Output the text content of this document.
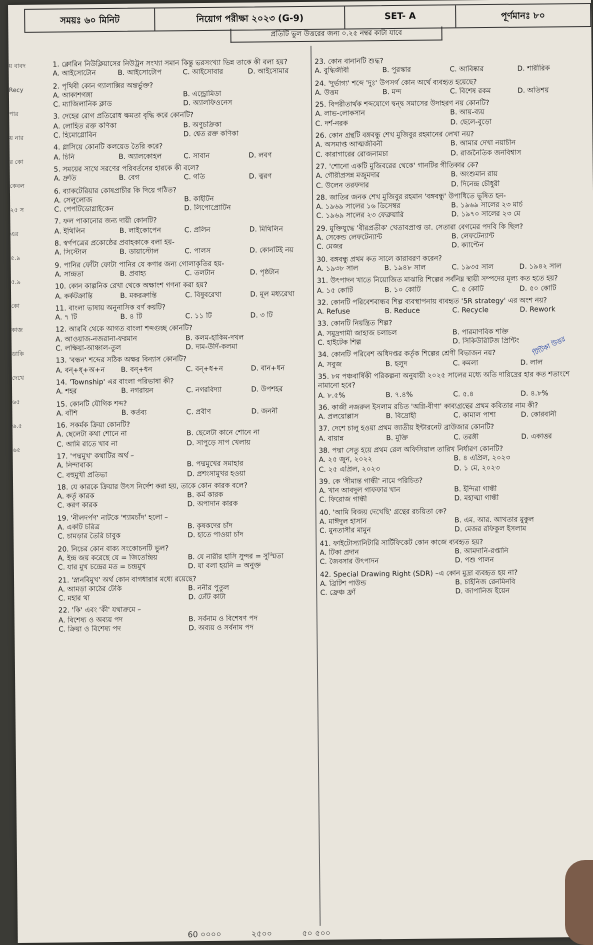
সময়ঃ ৬০ মিনিট	নিয়োগ পরীক্ষা ২০২৩ (G-9)	SET- A	পূর্ণমানঃ ৮০
প্রতিটি ভুল উত্তরের জন্য ০.২৫ নম্বর কাটা যাবে
য় বাবদ
Recy
পার
য় নার
র কো
কেবল
২৫ স
এর
৫.৯
৫.৯
কো
কাজ
ডাকি
দেখে
৬৫
৬.৫
৬৫
1. ক্লোরিন নিউক্লিয়াসের নিউট্রন সংখ্যা সমান কিন্তু ভরসংখ্যা ভিন্ন তাকে কী বলা হয়?
A. আইসোটোন	B. আইসোটোপ	C. আইসোবার	D. আইসোমার
2. পৃথিবী কোন গ্যালাক্সির অন্তর্ভুক্ত?
A. আকাশগঙ্গা	B. এন্ড্রোমিডা
C. ম্যাজিলানিক ক্লাড	D. অ্যালফিওনেস
3. দেহের রোগ প্রতিরোধ ক্ষমতা বৃদ্ধি করে কোনটি?
A. লোহিত রক্ত কণিকা	B. অণুচক্রিকা
C. হিমোগ্লোবিন	D. শ্বেত রক্ত কণিকা
4. গ্লাসিয়ে কোনটি কলয়েড তৈরি করে?
A. চিনি	B. অ্যালকোহল	C. সাবান	D. লবণ
5. সময়ের সাথে সরণের পরিবর্তনের হারকে কী বলে?
A. দ্রুতি	B. বেগ	C. গতি	D. ত্বরণ
6. ব্যাকটেরিয়ার কোষপ্রাচীর কি দিয়ে গঠিত?
A. সেলুলোজ	B. কাইটিন
C. পেপটিডোগ্লাইকেন	D. লিপোপ্রোটিন
7. ফল পাকানোর জন্য দায়ী কোনটি?
A. ইথিলিন	B. লাইকোপেন	C. প্রলিন	D. মিথিলিন
8. স্বর্ণপত্রের প্রকোষ্ঠের প্রবাহকাকে বলা হয়-
A. সিস্টোল	B. ডায়াস্টোল	C. পালস	D. কোনটিই নয়
9. পানির ফোঁটা ফোটা পানির যে কণার জন্য গোলাকৃতির হয়-
A. সান্দ্রতা	B. প্রবাহ্য	C. তলটান	D. পৃষ্ঠটান
10. কোন কাল্পনিক রেখা থেকে অক্ষাংশ গণনা করা হয়?
A. কর্কটক্রান্তি	B. মকরক্রান্তি	C. বিষুবরেখা	D. মূল মধ্যরেখা
11. বাংলা ভাষায় অনুনাসিক বর্ণ কয়টি?
A. ৭ টি	B. ৪ টি	C. ১১ টি	D. ৩ টি
12. আরবি থেকে আগত বাংলা শব্দগুচ্ছ কোনটি?
A. আওয়াজ-নজরানা-ফরমান	B. কলম-হাকিম-দখল
C. লক্ষিয়া-আঞ্চাল-তুল	D. দাম-উর্দি-কলমা
13. 'বন্ধন' শব্দের সঠিক অক্ষর বিন্যাস কোনটি?
A. বন্+ধ্+অ+ন	B. বন্+ধন	C. বন্+ধ+ন	D. বান+ধন
14. 'Township' এর বাংলা পরিভাষা কী?
A. শহর	B. নগরায়ন	C. নগরবিদ্যা	D. উপশহর
15. কোনটি যৌগিক শব্দ?
A. বাঁশি	B. কর্তব্য	C. প্রবীণ	D. জননী
16. সকর্মক ক্রিয়া কোনটি?
A. ছেলেটা কথা শোনে না	B. ছেলেটা কানে শোনে না
C. আমি রাতে খাব না	D. সাপুড়ে সাপ খেলায়
17. 'পদ্মমুখ' কথাটির অর্থ –
A. নিন্দাবাক্য	B. পদ্মমুখের সমাহার
C. বহুমুখী প্রতিভা	D. প্রশংসামুখর হওয়া
18. যে কারকে ক্রিয়ার উৎস নির্দেশ করা হয়, তাকে কোন কারক বলে?
A. কর্তৃ কারক	B. কর্ম কারক
C. করণ কারক	D. অপাদান কারক
19. 'নীলদর্পণ' নাটকে 'শ্যামচাঁদ' হলো –
A. একটি চরিত্র	B. কৃষকদের চাঁদ
C. চামড়ার তৈরি চাবুক	D. হাতে পাওয়া চাঁদ
20. নিচের কোন বাক্য সংকোচনটি ভুল?
A. ইন্দ্র জয় করেছে যে = জিতেন্দ্রিয়	B. যে নারীর হাসি সুন্দর = সুস্মিতা
C. যার মুখ চন্দ্রের মত = চন্দ্রমুখ	D. যা বলা হয়নি = অনুক্ত
21. 'স্নানবিমুখ' অর্থ কোন বাগধারার মধ্যে রয়েছে?
A. আমড়া কাঠের ঢেঁকি	B. ননীর পুতুল
C. মহার থা	D. ঢোঁট কাটা
22. 'কি' এবং 'কী' যথাক্রমে –
A. বিশেষ্য ও অব্যয় পদ	B. সর্বনাম ও বিশেষণ পদ
C. ক্রিয়া ও বিশেষ্য পদ	D. অব্যয় ও সর্বনাম পদ
23. কোন বানানটি শুদ্ধ?
A. বুদ্ধিজীবী	B. পুরস্কার	C. আবিষ্কার	D. শারীরিক
24. 'দুর্ভাগ্য' শব্দে 'দুঃ' উপসর্গ কোন অর্থে ব্যবহৃত হয়েছে?
A. উত্তম	B. মন্দ	C. বিশেষ রকম	D. অতিশয়
25. বিপরীতার্থক শব্দযোগে দ্বন্দ্ব সমাসের উদাহরণ নয় কোনটি?
A. লাভ-লোকসান	B. আয়-ব্যয়
C. দর্শ-নরক	D. ছেলে-বুড়ো
26. কোন গ্রন্থটি বঙ্গবন্ধু শেখ মুজিবুর রহমানের লেখা নয়?
A. অসমাপ্ত আত্মজীবনী	B. আমার দেখা নয়াচীন
C. কারাগারের রোজনামচা	D. রাজনৈতিক জনবিশ্বাস
27. 'শোনো একটি মুজিবরের থেকে' গানটির গীতিকার কে?
A. গৌরীপ্রসন্ন মজুমদার	B. অংশুমান রায়
C. উলেন তরফদার	D. দিনেন্দ্র চৌধুরী
28. জাতির জনক শেখ মুজিবুর রহমান 'বঙ্গবন্ধু' উপাধিতে ভূষিত হন-
A. ১৯৬৯ সালের ১৬ ডিসেম্বর	B. ১৯৬৯ সালের ২৩ মার্চ
C. ১৯৬৯ সালের ২৩ ফেব্রুয়ারি	D. ১৯৭০ সালের ২৩ মে
29. মুক্তিযুদ্ধে 'বীরপ্রতীক' খেতাবপ্রাপ্ত ডা. সেতারা বেগমের পদবি কি ছিল?
A. সেকেন্ড লেফটেন্যান্ট	B. লেফটেন্যান্ট
C. মেজর	D. ক্যাপ্টেন
30. বঙ্গবন্ধু প্রথম কত সালে কারাবরণ করেন?
A. ১৯৩৮ সাল	B. ১৯৪৮ সাল	C. ১৯৩৫ সাল	D. ১৯৪২ সাল
31. উৎপাদন খাতে নিয়োজিত মাঝারি শিল্পের সর্বনিম্ন স্থায়ী সম্পদের মূল্য কত হতে হয়?
A. ১৫ কোটি	B. ১০ কোটি	C. ৫ কোটি	D. ৫০ কোটি
32. কোনটি পরিবেশবান্ধব শিল্প ব্যবস্থাপনায় ব্যবহৃত '5R strategy' এর অংশ নয়?
A. Refuse	B. Reduce	C. Recycle	D. Rework
33. কোনটি নিয়ন্ত্রিত শিল্প?
A. সমুদ্রগামী জাহাজ চলাচল	B. পারমাণবিক শক্তি
C. হাইটেক শিল্প	D. সিকিউরিটিজ প্রিন্টিং
34. কোনটি পরিবেশ অধিদপ্তর কর্তৃক শিল্পের শ্রেণী বিভাজন নয়?
A. সবুজ	B. হলুদ	C. কমলা	D. লাল
35. ৮ম পঞ্চবার্ষিকী পরিকল্পনা অনুযায়ী ২০২৫ সালের মধ্যে অতি দারিদ্রের হার কত শতাংশে নামানো হবে?
A. ৮.৫%	B. ৭.৪%	C. ৫.৪	D. ৪.৮%
36. কাজী নজরুল ইসলাম রচিত 'অগ্নি-বীণা' কাব্যগ্রন্থের প্রথম কবিতার নাম কী?
A. প্রলয়োল্লাস	B. বিদ্রোহী	C. কামাল পাশা	D. কোরবানী
37. দেশে চালু হওয়া প্রথম জাতীয় ইন্টারনেট ব্রাউজার কোনটি?
A. বায়ান্ন	B. মুক্তি	C. তরঙ্গী	D. একাত্তর
38. পদ্মা সেতু হয়ে প্রথম রেল অফিসিয়াল তারিখ নির্ধারণ কোনটি?
A. ২৫ জুন, ২০২২	B. ৪ এপ্রিল, ২০২৩
C. ২৫ এপ্রিল, ২০২৩	D. ১ মে, ২০২৩
39. কে 'সীমান্ত গান্ধী' নামে পরিচিত?
A. খান আবদুল গাফফার খান	B. ইন্দিরা গান্ধী
C. ফিরোজ গান্ধী	D. মহাত্মা গান্ধী
40. 'আমি বিজয় দেখেছি' গ্রন্থের রচয়িতা কে?
A. মাঈদুল হাসান	B. এম. আর. আখতার মুকুল
C. মুনতাসীর মামুন	D. মেজর রফিকুল ইসলাম
41. ফাইটোস্যানিটারি সার্টিফিকেট কোন কাজে ব্যবহৃত হয়?
A. টিকা প্রদান	B. আমদানি-রপ্তানি
C. জৈবসার উৎপাদন	D. পশু পালন
42. Special Drawing Right (SDR) –এ কোন মুদ্রা ব্যবহৃত হয় না?
A. ব্রিটিশ পাউন্ড	B. চাইনিজ রেনমিনবি
C. ফ্রেঞ্চ ফ্রাঁ	D. জাপানিজ ইয়েন
টিটিকা উত্তর
60 ০০০০	২৫০০	৫০ ৫০০
